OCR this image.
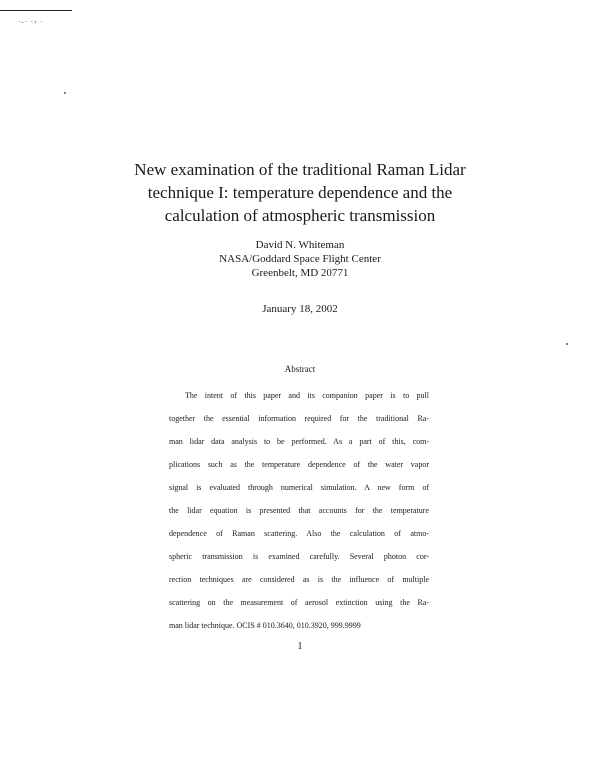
·‐· ·› ·
New examination of the traditional Raman Lidar
technique I: temperature dependence and the
calculation of atmospheric transmission
David N. Whiteman
NASA/Goddard Space Flight Center
Greenbelt, MD 20771
January 18, 2002
Abstract
The intent of this paper and its companion paper is to pull
together the essential information required for the traditional Ra-
man lidar data analysis to be performed. As a part of this, com-
plications such as the temperature dependence of the water vapor
signal is evaluated through numerical simulation. A new form of
the lidar equation is presented that accounts for the temperature
dependence of Raman scattering. Also the calculation of atmo-
spheric transmission is examined carefully. Several photon cor-
rection techniques are considered as is the influence of multiple
scattering on the measurement of aerosol extinction using the Ra-
man lidar technique. OCIS # 010.3640, 010.3920, 999.9999
1
